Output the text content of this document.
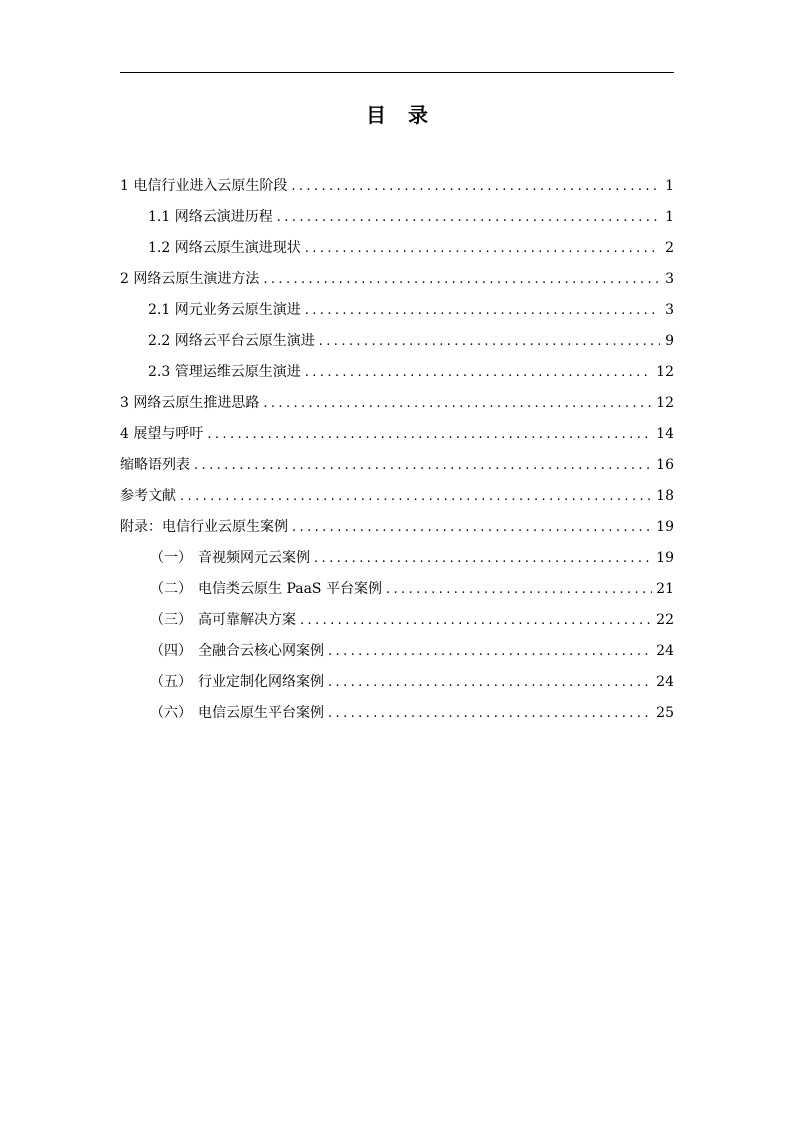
目 录
1 电信行业进入云原生阶段 .....	1
1.1 网络云演进历程 .....	1
1.2 网络云原生演进现状 .....	2
2 网络云原生演进方法 .....	3
2.1 网元业务云原生演进 .....	3
2.2 网络云平台云原生演进 .....	9
2.3 管理运维云原生演进 .....	12
3 网络云原生推进思路 .....	12
4 展望与呼吁 .....	14
缩略语列表 .....	16
参考文献 .....	18
附录：电信行业云原生案例 .....	19
（一） 音视频网元云案例 .....	19
（二） 电信类云原生 PaaS 平台案例 .....	21
（三） 高可靠解决方案 .....	22
（四） 全融合云核心网案例 .....	24
（五） 行业定制化网络案例 .....	24
（六） 电信云原生平台案例 .....	25
